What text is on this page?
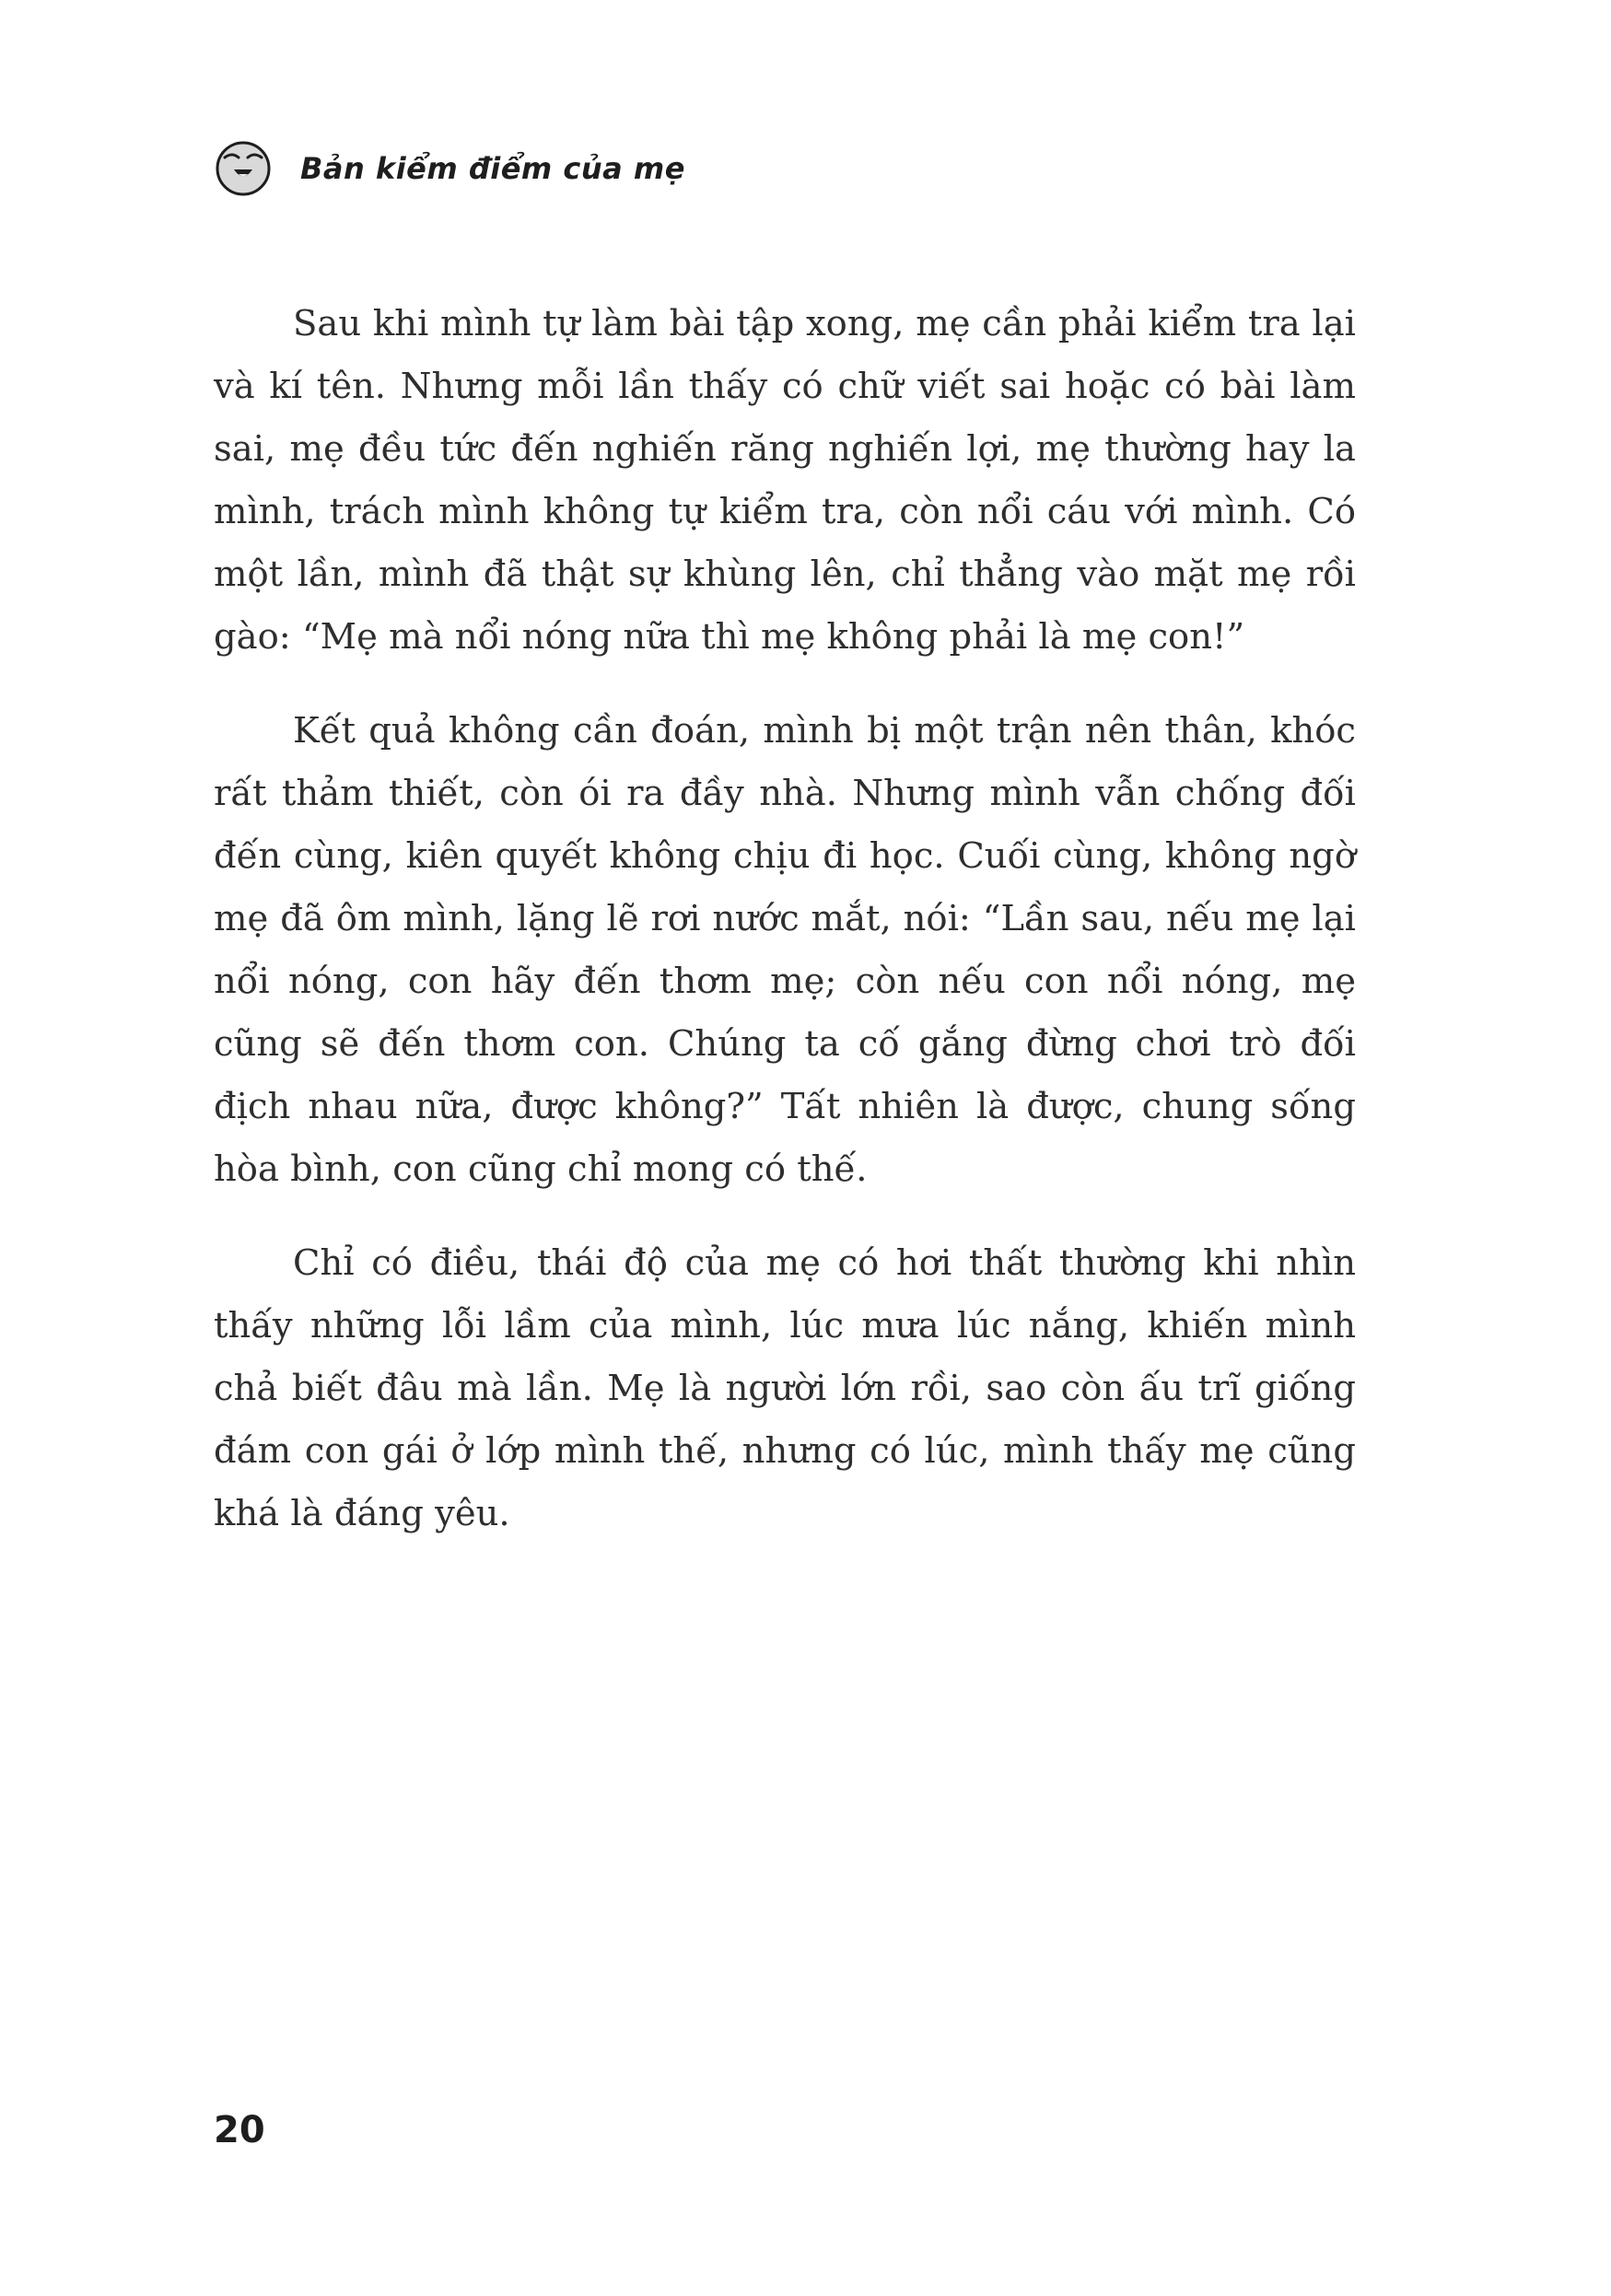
Bản kiểm điểm của mẹ

Sau khi mình tự làm bài tập xong, mẹ cần phải kiểm tra lại và kí tên. Nhưng mỗi lần thấy có chữ viết sai hoặc có bài làm sai, mẹ đều tức đến nghiến răng nghiến lợi, mẹ thường hay la mình, trách mình không tự kiểm tra, còn nổi cáu với mình. Có một lần, mình đã thật sự khùng lên, chỉ thẳng vào mặt mẹ rồi gào: “Mẹ mà nổi nóng nữa thì mẹ không phải là mẹ con!”

Kết quả không cần đoán, mình bị một trận nên thân, khóc rất thảm thiết, còn ói ra đầy nhà. Nhưng mình vẫn chống đối đến cùng, kiên quyết không chịu đi học. Cuối cùng, không ngờ mẹ đã ôm mình, lặng lẽ rơi nước mắt, nói: “Lần sau, nếu mẹ lại nổi nóng, con hãy đến thơm mẹ; còn nếu con nổi nóng, mẹ cũng sẽ đến thơm con. Chúng ta cố gắng đừng chơi trò đối địch nhau nữa, được không?” Tất nhiên là được, chung sống hòa bình, con cũng chỉ mong có thế.

Chỉ có điều, thái độ của mẹ có hơi thất thường khi nhìn thấy những lỗi lầm của mình, lúc mưa lúc nắng, khiến mình chả biết đâu mà lần. Mẹ là người lớn rồi, sao còn ấu trĩ giống đám con gái ở lớp mình thế, nhưng có lúc, mình thấy mẹ cũng khá là đáng yêu.

20
